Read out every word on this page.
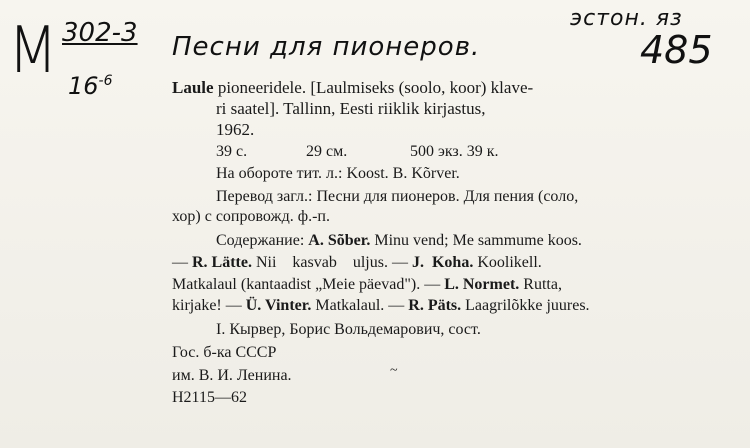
M 302-3
$16^{-6}$
эстон. яз
485
Песни для пионеров.
Laule pioneeridele. [Laulmiseks (soolo, koor) klave-
ri saatel]. Tallinn, Eesti riiklik kirjastus,
1962.
39 с.	29 см.	500 экз. 39 к.
На обороте тит. л.: Koost. B. Kõrver.
Перевод загл.: Песни для пионеров. Для пения (соло,
хор) с сопровожд. ф.-п.
Содержание: A. Sõber. Minu vend; Me sammume koos.
— R. Lätte. Nii    kasvab    uljus. — J.  Koha. Koolikell.
Matkalaul (kantaadist „Meie päevad"). — L. Normet. Rutta,
kirjake! — Ü. Vinter. Matkalaul. — R. Päts. Laagrilõkke juures.
I. Кырвер, Борис Вольдемарович, сост.
Гос. б-ка СССР
им. В. И. Ленина.	~
Н2115—62
